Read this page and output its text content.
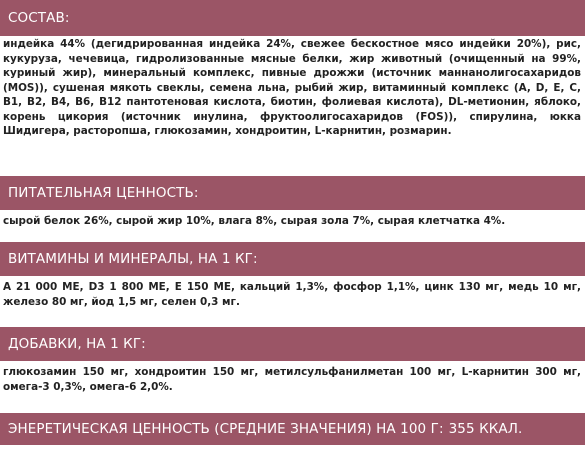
СОСТАВ:
индейка 44% (дегидрированная индейка 24%, свежее бескостное мясо индейки 20%), рис, кукуруза, чечевица, гидролизованные мясные белки, жир животный (очищенный на 99%, куриный жир), минеральный комплекс, пивные дрожжи (источник маннанолигосахаридов (MOS)), сушеная мякоть свеклы, семена льна, рыбий жир, витаминный комплекс (A, D, E, C, B1, B2, B4, B6, B12 пантотеновая кислота, биотин, фолиевая кислота), DL-метионин, яблоко, корень цикория (источник инулина, фруктоолигосахаридов (FOS)), спирулина, юкка Шидигера, расторопша, глюкозамин, хондроитин, L-карнитин, розмарин.
ПИТАТЕЛЬНАЯ ЦЕННОСТЬ:
сырой белок 26%, сырой жир 10%, влага 8%, сырая зола 7%, сырая клетчатка 4%.
ВИТАМИНЫ И МИНЕРАЛЫ, НА 1 КГ:
A 21 000 ME, D3 1 800 ME, E 150 ME, кальций 1,3%, фосфор 1,1%, цинк 130 мг, медь 10 мг, железо 80 мг, йод 1,5 мг, селен 0,3 мг.
ДОБАВКИ, НА 1 КГ:
глюкозамин 150 мг, хондроитин 150 мг, метилсульфанилметан 100 мг, L-карнитин 300 мг, омега-3 0,3%, омега-6 2,0%.
ЭНЕРЕТИЧЕСКАЯ ЦЕННОСТЬ (СРЕДНИЕ ЗНАЧЕНИЯ) НА 100 Г: 355 ККАЛ.
